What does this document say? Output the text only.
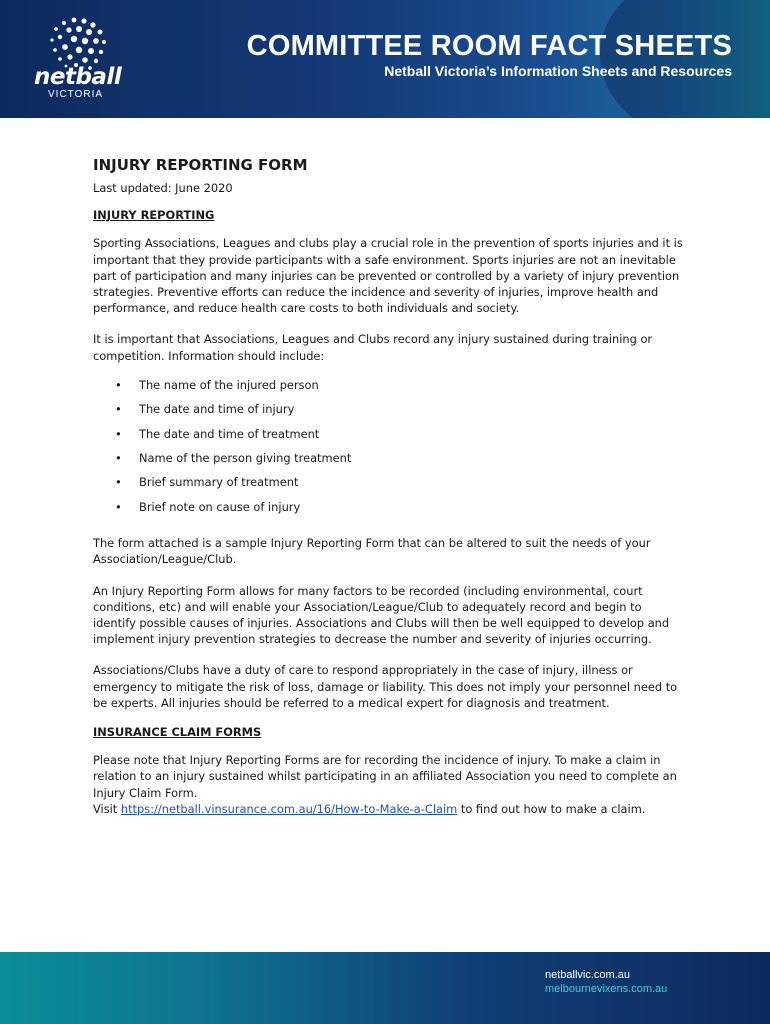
netball
VICTORIA
COMMITTEE ROOM FACT SHEETS
Netball Victoria’s Information Sheets and Resources
INJURY REPORTING FORM
Last updated: June 2020
INJURY REPORTING

Sporting Associations, Leagues and clubs play a crucial role in the prevention of sports injuries and it is important that they provide participants with a safe environment. Sports injuries are not an inevitable part of participation and many injuries can be prevented or controlled by a variety of injury prevention strategies. Preventive efforts can reduce the incidence and severity of injuries, improve health and performance, and reduce health care costs to both individuals and society.

It is important that Associations, Leagues and Clubs record any injury sustained during training or competition. Information should include:

• The name of the injured person
• The date and time of injury
• The date and time of treatment
• Name of the person giving treatment
• Brief summary of treatment
• Brief note on cause of injury

The form attached is a sample Injury Reporting Form that can be altered to suit the needs of your Association/League/Club.

An Injury Reporting Form allows for many factors to be recorded (including environmental, court conditions, etc) and will enable your Association/League/Club to adequately record and begin to identify possible causes of injuries. Associations and Clubs will then be well equipped to develop and implement injury prevention strategies to decrease the number and severity of injuries occurring.

Associations/Clubs have a duty of care to respond appropriately in the case of injury, illness or emergency to mitigate the risk of loss, damage or liability. This does not imply your personnel need to be experts. All injuries should be referred to a medical expert for diagnosis and treatment.

INSURANCE CLAIM FORMS
Please note that Injury Reporting Forms are for recording the incidence of injury. To make a claim in relation to an injury sustained whilst participating in an affiliated Association you need to complete an Injury Claim Form.
Visit https://netball.vinsurance.com.au/16/How-to-Make-a-Claim to find out how to make a claim.
netballvic.com.au
melbournevixens.com.au
